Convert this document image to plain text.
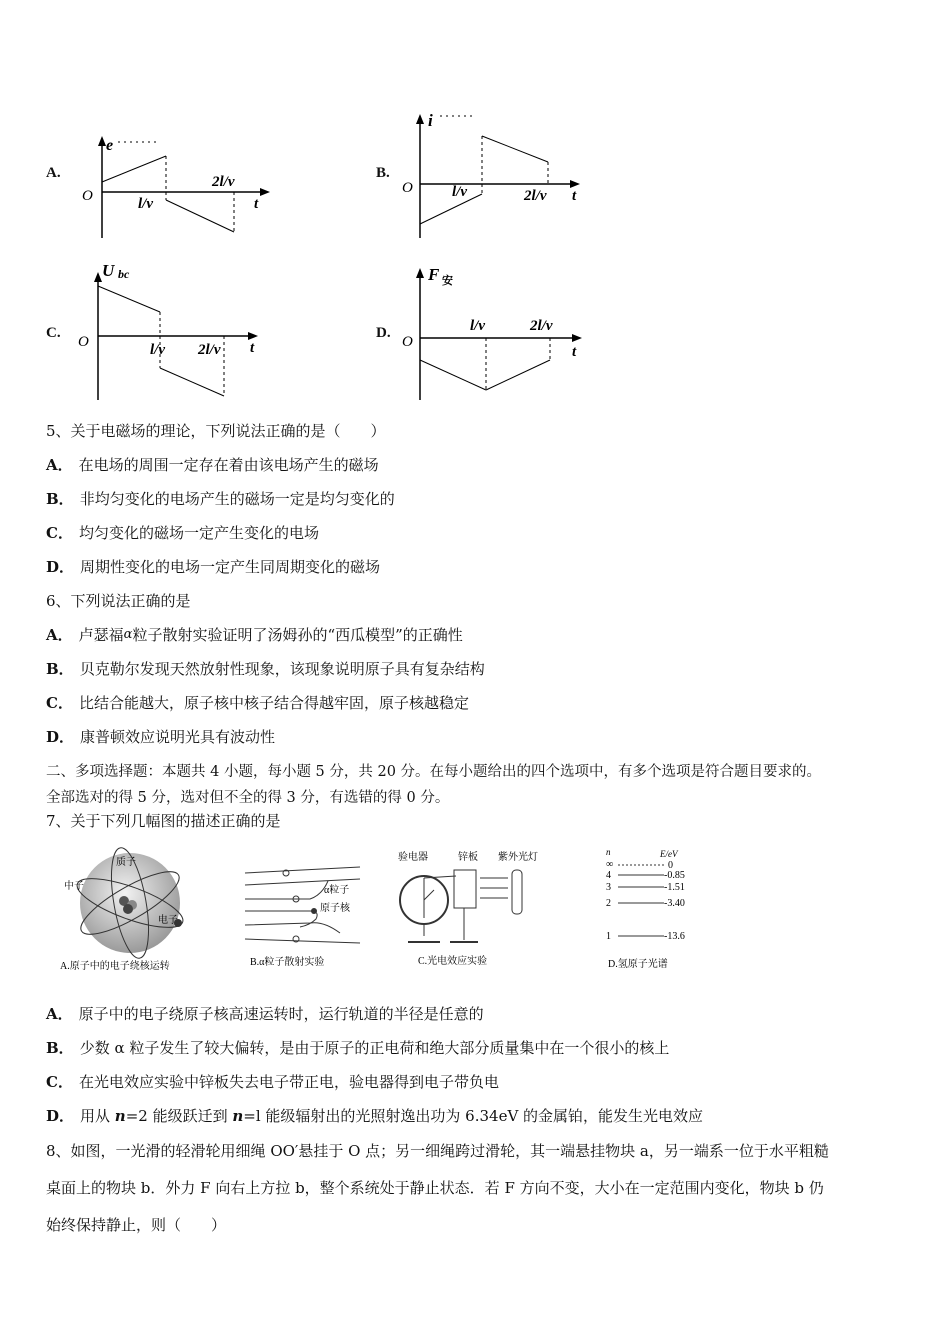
A.
e
O	l/v
2l/v
t
B.
i
O	l/v	2l/v t
C.
U bc
O	l/v 2l/v t
D.
F 安
O
l/v	2l/v
t
5、关于电磁场的理论，下列说法正确的是（　　）
A． 在电场的周围一定存在着由该电场产生的磁场
B． 非均匀变化的电场产生的磁场一定是均匀变化的
C． 均匀变化的磁场一定产生变化的电场
D． 周期性变化的电场一定产生同周期变化的磁场
6、下列说法正确的是
A． 卢瑟福α粒子散射实验证明了汤姆孙的“西瓜模型”的正确性
B． 贝克勒尔发现天然放射性现象，该现象说明原子具有复杂结构
C． 比结合能越大，原子核中核子结合得越牢固，原子核越稳定
D． 康普顿效应说明光具有波动性
二、多项选择题：本题共 4 小题，每小题 5 分，共 20 分。在每小题给出的四个选项中，有多个选项是符合题目要求的。
全部选对的得 5 分，选对但不全的得 3 分，有选错的得 0 分。
7、关于下列几幅图的描述正确的是
质子
中子
电子
A.原子中的电子绕核运转
α粒子
原子核
B.α粒子散射实验
验电器	锌板 紫外光灯
C.光电效应实验
n	E/eV
∞	0
4	-0.85
3	-1.51
2	-3.40
1	-13.6
D.氢原子光谱
A． 原子中的电子绕原子核高速运转时，运行轨道的半径是任意的
B． 少数 α 粒子发生了较大偏转，是由于原子的正电荷和绝大部分质量集中在一个很小的核上
C． 在光电效应实验中锌板失去电子带正电，验电器得到电子带负电
D． 用从 n=2 能级跃迁到 n=l 能级辐射出的光照射逸出功为 6.34eV 的金属铂，能发生光电效应
8、如图，一光滑的轻滑轮用细绳 OO′悬挂于 O 点；另一细绳跨过滑轮，其一端悬挂物块 a，另一端系一位于水平粗糙
桌面上的物块 b．外力 F 向右上方拉 b，整个系统处于静止状态．若 F 方向不变，大小在一定范围内变化，物块 b 仍
始终保持静止，则（　　）
